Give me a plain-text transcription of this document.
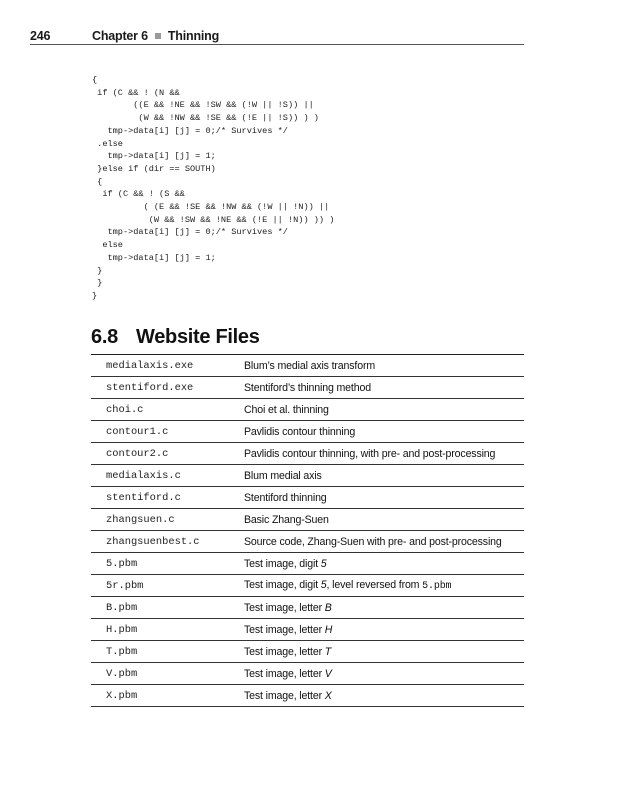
246	Chapter 6 Thinning
{
if (C && ! (N &&
((E && !NE && !SW && (!W || !S)) ||
(W && !NW && !SE && (!E || !S)) ) )
tmp->data[i] [j] = 0;/* Survives */
.else
tmp->data[i] [j] = 1;
}else if (dir == SOUTH)
{
if (C && ! (S &&
( (E && !SE && !NW && (!W || !N)) ||
(W && !SW && !NE && (!E || !N)) )) )
tmp->data[i] [j] = 0;/* Survives */
else
tmp->data[i] [j] = 1;
}
}
}
6.8 Website Files
medialaxis.exe	Blum’s medial axis transform
stentiford.exe	Stentiford’s thinning method
choi.c	Choi et al. thinning
contour1.c	Pavlidis contour thinning
contour2.c	Pavlidis contour thinning, with pre- and post-processing
medialaxis.c	Blum medial axis
stentiford.c	Stentiford thinning
zhangsuen.c	Basic Zhang-Suen
zhangsuenbest.c	Source code, Zhang-Suen with pre- and post-processing
5.pbm	Test image, digit 5
5r.pbm	Test image, digit 5, level reversed from 5.pbm
B.pbm	Test image, letter B
H.pbm	Test image, letter H
T.pbm	Test image, letter T
V.pbm	Test image, letter V
X.pbm	Test image, letter X
